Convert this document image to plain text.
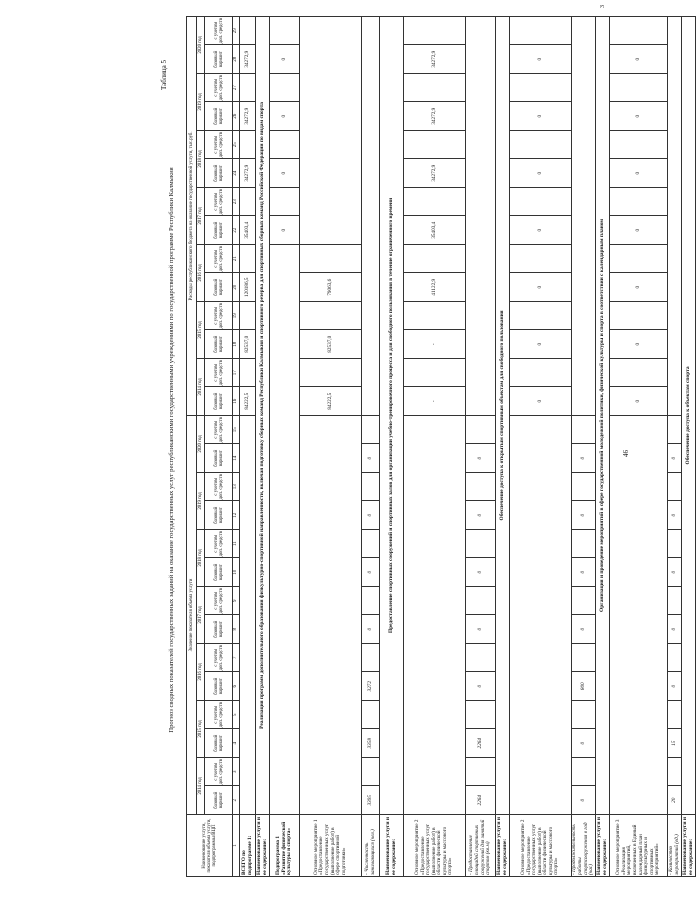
3
Таблица 5
Прогноз сводных показателей государственных заданий на оказание государственных услуг республиканскими государственными учреждениями по государственной программе Республики Калмыкия
Наименование услуги, показателя объема услуги, подпрограммы/ВЦП	Значение показателя объема услуги														Расходы республиканского бюджета на оказание государственной услуги, тыс.руб.													
	2014 год		2015 год		2016 год		2017 год		2018 год		2019 год		2020 год		2014 год		2015 год		2016 год		2017 год		2018 год		2019 год		2020 год	
	базовый вариант	с учетом доп. средств	базовый вариант	с учетом доп. средств	базовый вариант	с учетом доп. средств	базовый вариант	с учетом доп. средств	базовый вариант	с учетом доп. средств	базовый вариант	с учетом доп. средств	базовый вариант	с учетом доп. средств	базовый вариант	с учетом доп. средств	базовый вариант	с учетом доп. средств	базовый вариант	с учетом доп. средств	базовый вариант	с учетом доп. средств	базовый вариант	с учетом доп. средств	базовый вариант	с учетом доп. средств	базовый вариант	с учетом доп. средств
1	2	3	4	5	6	7	8	9	10	11	12	13	14	15	16	17	18	19	20	21	22	23	24	25	26	27	28	29
ВСЕГО по подпрограмме 1:															84222,5		82537,0		120186,5		35403,4		34272,9		34272,9		34272,9	
Наименование услуги и ее содержание:	Реализация программ дополнительного образования физкультурно-спортивной направленности, включая подготовку сборных команд Республики Калмыкия и спортивного резерва для спортивных сборных команд Российской Федерации по видам спорта																											
Подпрограмма 1 «Развитие физической культуры и спорта»																					0		0		0		0	
Основное мероприятие 1 «Предоставление государственных услуг (выполнение работ) в сфере спортивной подготовки»															84222,5		82537,0		79063,6									
- Численность занимающихся (чел.)	3395		3358		3272		0		0		0		0															
Наименование услуги и ее содержание:	Предоставление спортивных сооружений и спортивных залов для организации учебно-тренировочного процесса и для свободного пользования в течение ограниченного времени																											
Основное мероприятие 2 «Предоставление государственных услуг (выполнение работ) в области физической культуры и массового спорта»															-		-		41122,9		35403,4		34272,9		34272,9		34272,9	
- Предоставление площадей спортивных сооружений для занятий спортом (кв.м)	2264		2264		0		0		0		0		0															
Наименование услуги и ее содержание:	Обеспечение доступа к открытым спортивным объектам для свободного пользования																											
Основное мероприятие 2 «Предоставление государственных услуг (выполнение работ) в области физической культуры и массового спорта»															0		0		0		0		0		0		0	
- Продолжительность работы спортсооружения в год (час)	0		0		800		0		0		0		0															
Наименование услуги и ее содержание:	Организация и проведение мероприятий в сфере государственной молодежной политики, физической культуры и спорта в соответствии с календарным планом																											
Основное мероприятие 3 «Реализация мероприятий, включенных в Единый календарный план физкультурных и спортивных мероприятий»															0		0		0		0		0		0		0	
- Количество мероприятий (ед.)	20		15		0		0		0		0		0															
Наименование услуги и ее содержание:	Обеспечение доступа к объектам спорта																											
46
